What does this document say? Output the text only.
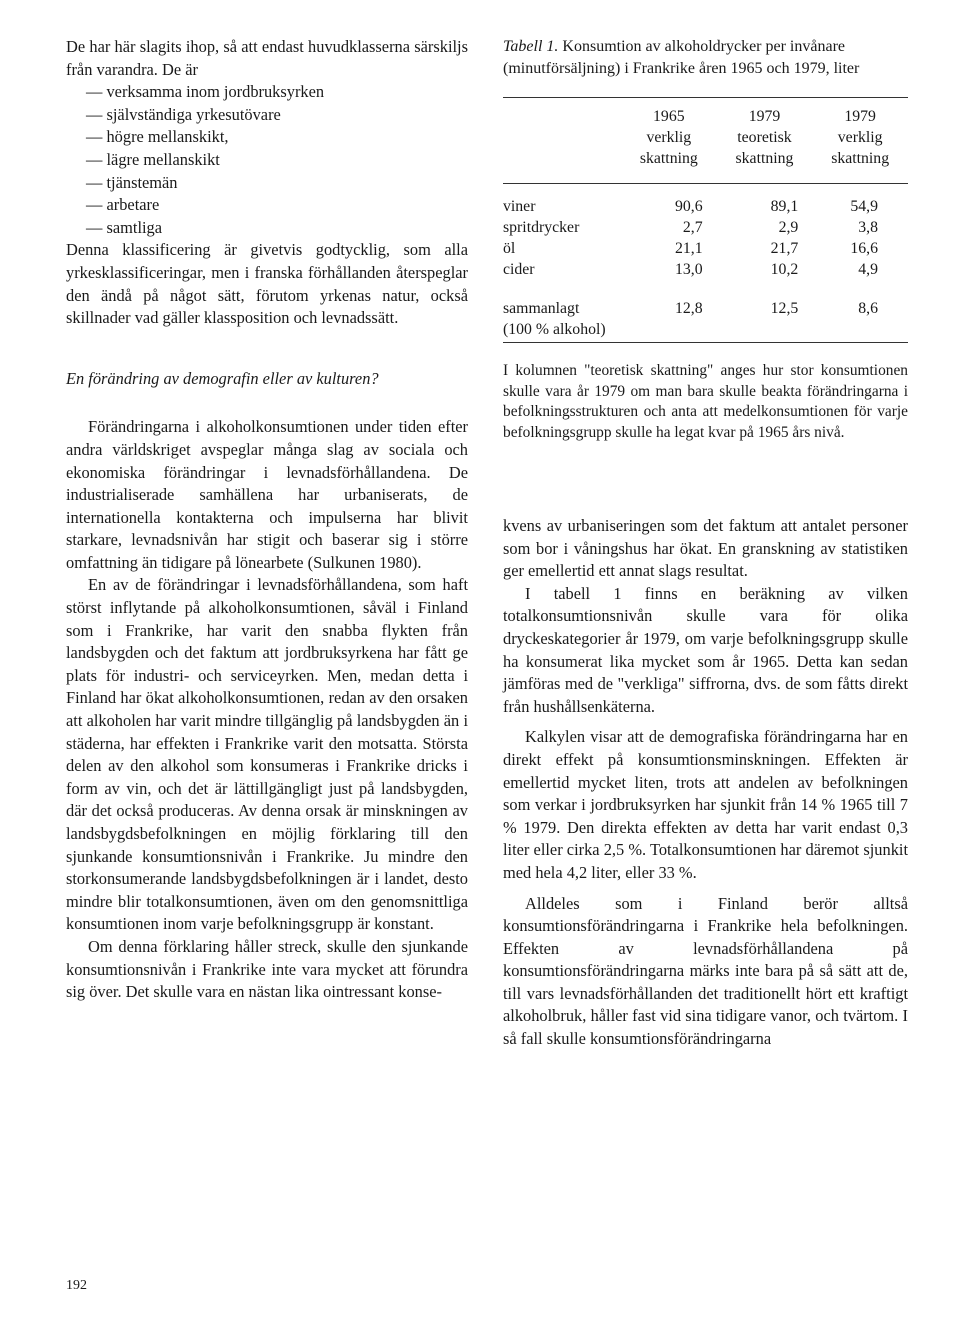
De har här slagits ihop, så att endast huvudklasserna särskiljs från varandra. De är

— verksamma inom jordbruksyrken
— självständiga yrkesutövare
— högre mellanskikt,
— lägre mellanskikt
— tjänstemän
— arbetare
— samtliga

Denna klassificering är givetvis godtycklig, som alla yrkesklassificeringar, men i franska förhållanden återspeglar den ändå på något sätt, förutom yrkenas natur, också skillnader vad gäller klassposition och levnadssätt.

En förändring av demografin eller av kulturen?

Förändringarna i alkoholkonsumtionen under tiden efter andra världskriget avspeglar många slag av sociala och ekonomiska förändringar i levnadsförhållandena. De industrialiserade samhällena har urbaniserats, de internationella kontakterna och impulserna har blivit starkare, levnadsnivån har stigit och baserar sig i större omfattning än tidigare på lönearbete (Sulkunen 1980).

En av de förändringar i levnadsförhållandena, som haft störst inflytande på alkoholkonsumtionen, såväl i Finland som i Frankrike, har varit den snabba flykten från landsbygden och det faktum att jordbruksyrkena har fått ge plats för industri- och serviceyrken. Men, medan detta i Finland har ökat alkoholkonsumtionen, redan av den orsaken att alkoholen har varit mindre tillgänglig på landsbygden än i städerna, har effekten i Frankrike varit den motsatta. Största delen av den alkohol som konsumeras i Frankrike dricks i form av vin, och det är lättillgängligt just på landsbygden, där det också produceras. Av denna orsak är minskningen av landsbygdsbefolkningen en möjlig förklaring till den sjunkande konsumtionsnivån i Frankrike. Ju mindre den storkonsumerande landsbygdsbefolkningen är i landet, desto mindre blir totalkonsumtionen, även om den genomsnittliga konsumtionen inom varje befolkningsgrupp är konstant.

Om denna förklaring håller streck, skulle den sjunkande konsumtionsnivån i Frankrike inte vara mycket att förundra sig över. Det skulle vara en nästan lika ointressant konse-

192
Tabell 1. Konsumtion av alkoholdrycker per invånare (minutförsäljning) i Frankrike åren 1965 och 1979, liter
	1965
verklig
skattning	1979
teoretisk
skattning	1979
verklig
skattning
viner	90,6	89,1	54,9
spritdrycker	2,7	2,9	3,8
öl	21,1	21,7	16,6
cider	13,0	10,2	4,9
sammanlagt
(100 % alkohol)	12,8	12,5	8,6
I kolumnen "teoretisk skattning" anges hur stor konsumtionen skulle vara år 1979 om man bara skulle beakta förändringarna i befolkningsstrukturen och anta att medelkonsumtionen för varje befolkningsgrupp skulle ha legat kvar på 1965 års nivå.

kvens av urbaniseringen som det faktum att antalet personer som bor i våningshus har ökat. En granskning av statistiken ger emellertid ett annat slags resultat.

I tabell 1 finns en beräkning av vilken totalkonsumtionsnivån skulle vara för olika dryckeskategorier år 1979, om varje befolkningsgrupp skulle ha konsumerat lika mycket som år 1965. Detta kan sedan jämföras med de "verkliga" siffrorna, dvs. de som fåtts direkt från hushållsenkäterna.

Kalkylen visar att de demografiska förändringarna har en direkt effekt på konsumtionsminskningen. Effekten är emellertid mycket liten, trots att andelen av befolkningen som verkar i jordbruksyrken har sjunkit från 14 % 1965 till 7 % 1979. Den direkta effekten av detta har varit endast 0,3 liter eller cirka 2,5 %. Totalkonsumtionen har däremot sjunkit med hela 4,2 liter, eller 33 %.

Alldeles som i Finland berör alltså konsumtionsförändringarna i Frankrike hela befolkningen. Effekten av levnadsförhållandena på konsumtionsförändringarna märks inte bara på så sätt att de, till vars levnadsförhållanden det traditionellt hört ett kraftigt alkoholbruk, håller fast vid sina tidigare vanor, och tvärtom. I så fall skulle konsumtionsförändringarna
